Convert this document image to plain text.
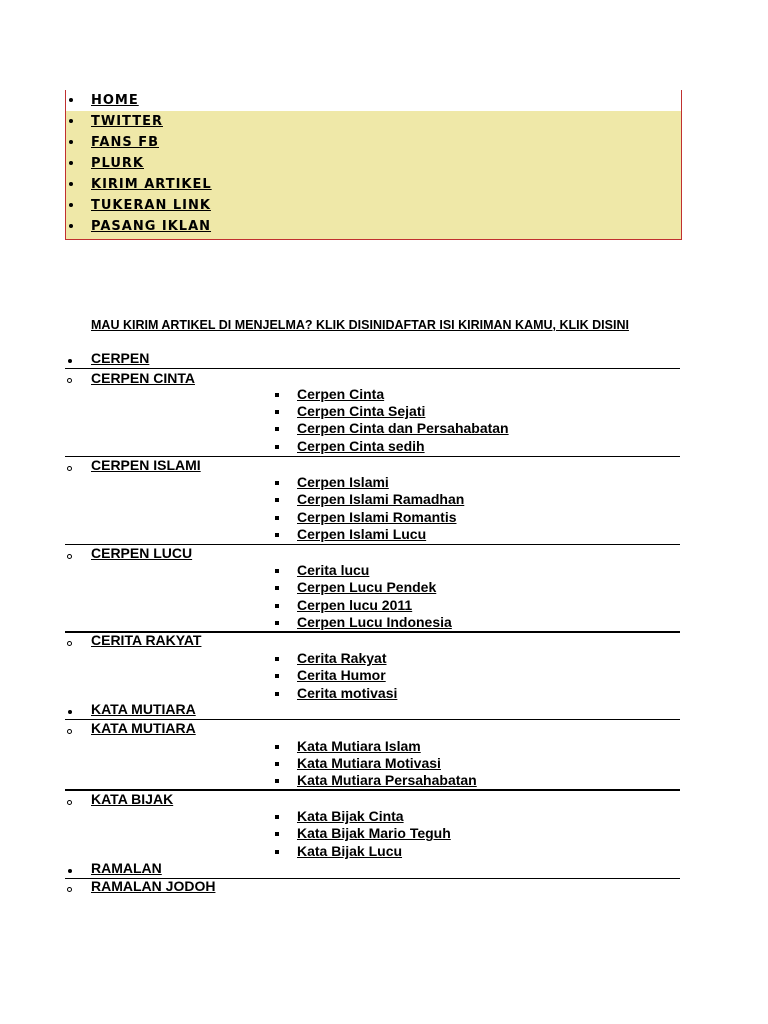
HOME
TWITTER
FANS FB
PLURK
KIRIM ARTIKEL
TUKERAN LINK
PASANG IKLAN
MAU KIRIM ARTIKEL DI MENJELMA? KLIK DISINIDAFTAR ISI KIRIMAN KAMU, KLIK DISINI
CERPEN
CERPEN CINTA
Cerpen Cinta
Cerpen Cinta Sejati
Cerpen Cinta dan Persahabatan
Cerpen Cinta sedih
CERPEN ISLAMI
Cerpen Islami
Cerpen Islami Ramadhan
Cerpen Islami Romantis
Cerpen Islami Lucu
CERPEN LUCU
Cerita lucu
Cerpen Lucu Pendek
Cerpen lucu 2011
Cerpen Lucu Indonesia
CERITA RAKYAT
Cerita Rakyat
Cerita Humor
Cerita motivasi
KATA MUTIARA
KATA MUTIARA
Kata Mutiara Islam
Kata Mutiara Motivasi
Kata Mutiara Persahabatan
KATA BIJAK
Kata Bijak Cinta
Kata Bijak Mario Teguh
Kata Bijak Lucu
RAMALAN
RAMALAN JODOH
